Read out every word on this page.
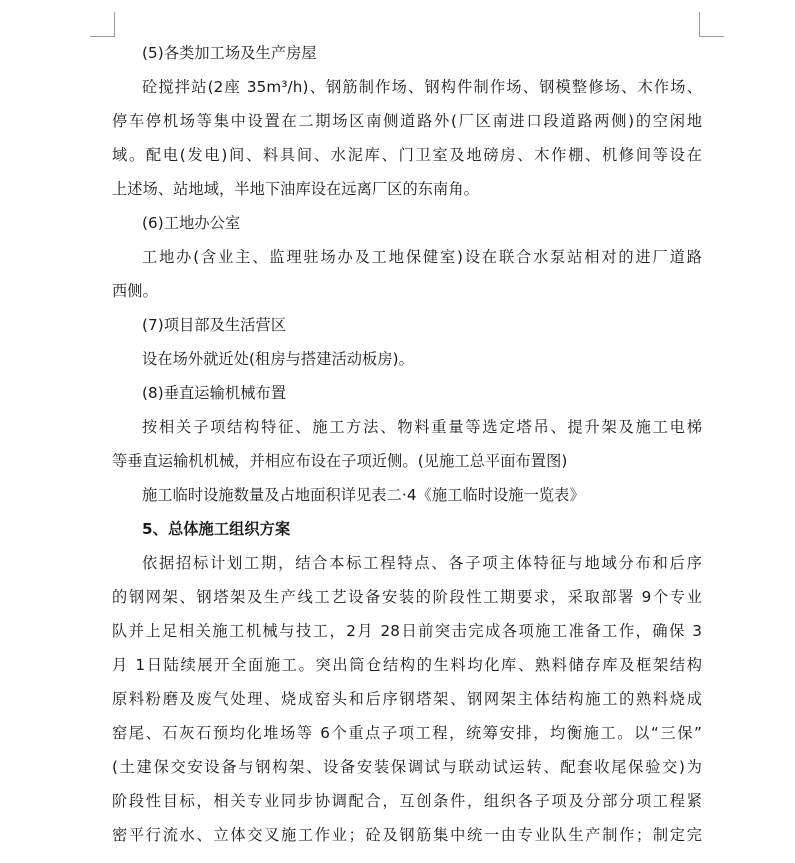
(5)各类加工场及生产房屋
砼搅拌站(2座 35m³/h)、钢筋制作场、钢构件制作场、钢模整修场、木作场、
停车停机场等集中设置在二期场区南侧道路外(厂区南进口段道路两侧)的空闲地
域。配电(发电)间、料具间、水泥库、门卫室及地磅房、木作棚、机修间等设在
上述场、站地域，半地下油库设在远离厂区的东南角。
(6)工地办公室
工地办(含业主、监理驻场办及工地保健室)设在联合水泵站相对的进厂道路
西侧。
(7)项目部及生活营区
设在场外就近处(租房与搭建活动板房)。
(8)垂直运输机械布置
按相关子项结构特征、施工方法、物料重量等选定塔吊、提升架及施工电梯
等垂直运输机机械，并相应布设在子项近侧。(见施工总平面布置图)
施工临时设施数量及占地面积详见表二·4《施工临时设施一览表》
5、总体施工组织方案
依据招标计划工期，结合本标工程特点、各子项主体特征与地域分布和后序
的钢网架、钢塔架及生产线工艺设备安装的阶段性工期要求，采取部署 9个专业
队并上足相关施工机械与技工，2月 28日前突击完成各项施工准备工作，确保 3
月 1日陆续展开全面施工。突出筒仓结构的生料均化库、熟料储存库及框架结构
原料粉磨及废气处理、烧成窑头和后序钢塔架、钢网架主体结构施工的熟料烧成
窑尾、石灰石预均化堆场等 6个重点子项工程，统筹安排，均衡施工。以“三保”
(土建保交安设备与钢构架、设备安装保调试与联动试运转、配套收尾保验交)为
阶段性目标，相关专业同步协调配合，互创条件，组织各子项及分部分项工程紧
密平行流水、立体交叉施工作业；砼及钢筋集中统一由专业队生产制作；制定完
